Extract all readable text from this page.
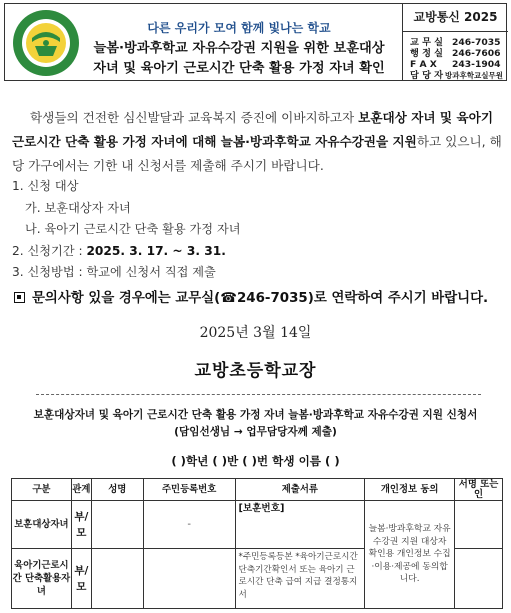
다른 우리가 모여 함께 빛나는 학교
늘봄·방과후학교 자유수강권 지원을 위한 보훈대상
자녀 및 육아기 근로시간 단축 활용 가정 자녀 확인
교방통신 2025
교 무 실 246-7035
행 정 실 246-7606
F A X 243-1904
담 당 자 방과후학교실무원
학생들의 건전한 심신발달과 교육복지 증진에 이바지하고자 보훈대상 자녀 및 육아기 근로시간 단축 활용 가정 자녀에 대해 늘봄·방과후학교 자유수강권을 지원하고 있으니, 해당 가구에서는 기한 내 신청서를 제출해 주시기 바랍니다.
1. 신청 대상
가. 보훈대상자 자녀
나. 육아기 근로시간 단축 활용 가정 자녀
2. 신청기간 : 2025. 3. 17. ~ 3. 31.
3. 신청방법 : 학교에 신청서 직접 제출
문의사항 있을 경우에는 교무실(☎246-7035)로 연락하여 주시기 바랍니다.
2025년 3월 14일
교방초등학교장
보훈대상자녀 및 육아기 근로시간 단축 활용 가정 자녀 늘봄·방과후학교 자유수강권 지원 신청서
(담임선생님 → 업무담당자께 제출)
( )학년 ( )반 ( )번 학생 이름 ( )
구분	관계	성명	주민등록번호	제출서류	개인정보 동의	서명 또는 인
보훈대상자녀	부/모		-	[보훈번호]	늘봄·방과후학교 자유수강권 지원 대상자 확인용 개인정보 수집·이용·제공에 동의합니다.	
육아기근로시간 단축활용자녀	부/모			*주민등록등본 *육아기근로시간단축기간확인서 또는 육아기 근로시간 단축 급여 지급 결정통지서		
